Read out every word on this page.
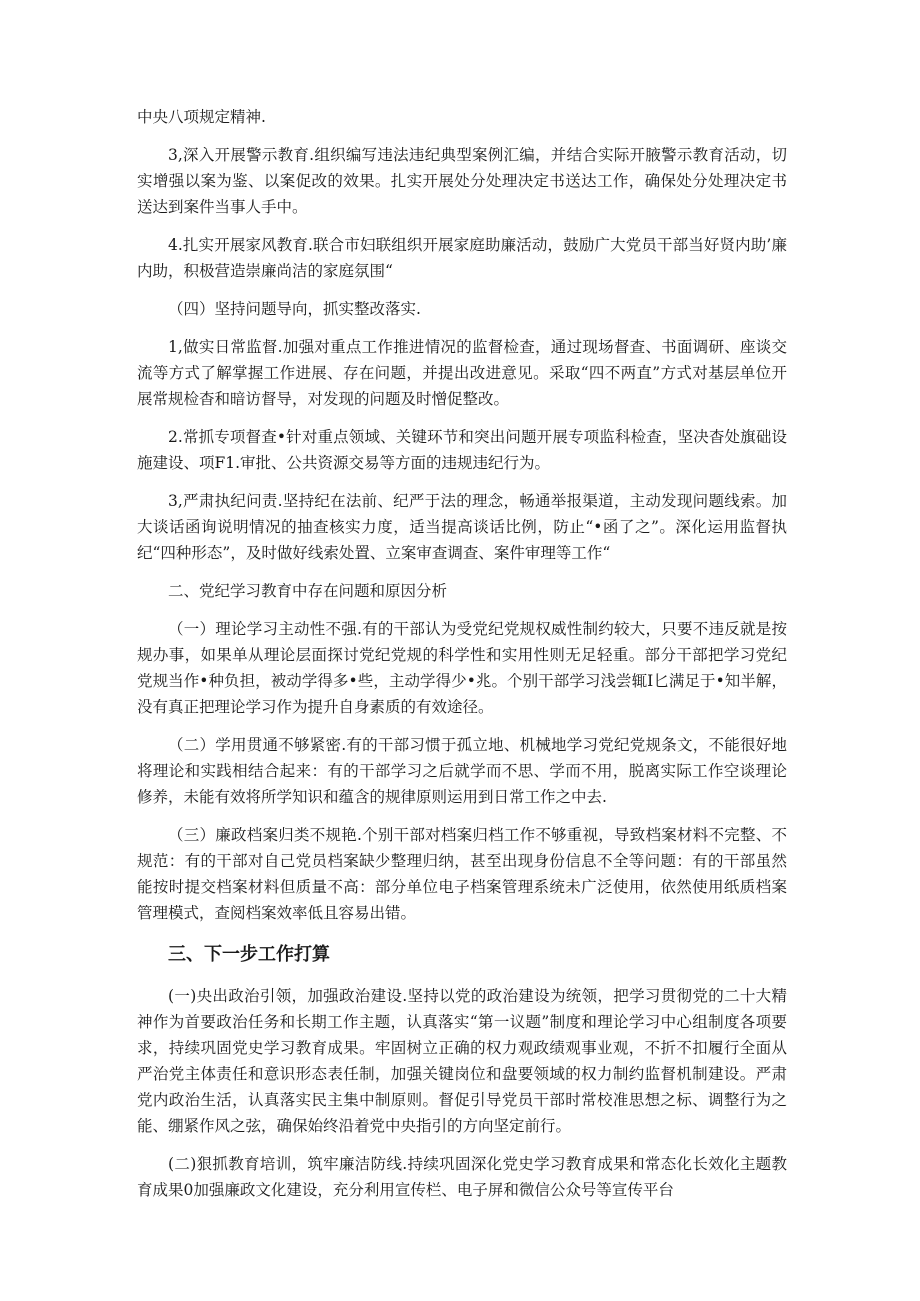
中央八项规定精神.

3,深入开展警示教育.组织编写违法违纪典型案例汇编，并结合实际开腋警示教育活动，切实增强以案为鉴、以案促改的效果。扎实开展处分处理决定书送达工作，确保处分处理决定书送达到案件当事人手中。

4.扎实开展家风教育.联合市妇联组织开展家庭助廉活动，鼓励广大党员干部当好贤内助’廉内助，积极营造崇廉尚洁的家庭氛围“

（四）坚持问题导向，抓实整改落实.

1,做实日常监督.加强对重点工作推进情况的监督检查，通过现场督查、书面调研、座谈交流等方式了解掌握工作进展、存在问题，并提出改进意见。采取“四不两直”方式对基层单位开展常规检杳和暗访督导，对发现的问题及时憎促整改。

2.常抓专项督查•针对重点领域、关键环节和突出问题开展专项监科检查，坚决杳处旗础设施建设、项F1.审批、公共资源交易等方面的违规违纪行为。

3,严肃执纪问责.坚持纪在法前、纪严于法的理念，畅通举报渠道，主动发现问题线索。加大谈话函询说明情况的抽查核实力度，适当提高谈话比例，防止“•函了之”。深化运用监督执纪“四种形态”，及时做好线索处置、立案审查调查、案件审理等工作“

二、党纪学习教育中存在问题和原因分析

（一）理论学习主动性不强.有的干部认为受党纪党规权威性制约较大，只要不违反就是按规办事，如果单从理论层面探讨党纪党规的科学性和实用性则无足轻重。部分干部把学习党纪党规当作•种负担，被动学得多•些，主动学得少•兆。个别干部学习浅尝辄I匕满足于•知半解，没有真正把理论学习作为提升自身素质的有效途径。

（二）学用贯通不够紧密.有的干部习惯于孤立地、机械地学习党纪党规条文，不能很好地将理论和实践相结合起来：有的干部学习之后就学而不思、学而不用，脱离实际工作空谈理论修养，未能有效将所学知识和蕴含的规律原则运用到日常工作之中去.

（三）廉政档案归类不规艳.个别干部对档案归档工作不够重视，导致档案材料不完整、不规范：有的干部对自己党员档案缺少整理归纳，甚至出现身份信息不全等问题：有的干部虽然能按时提交档案材料但质量不高：部分单位电子档案管理系统未广泛使用，依然使用纸质档案管理模式，查阅档案效率低且容易出错。

三、下一步工作打算

(一)央出政治引领，加强政治建设.坚持以党的政治建设为统领，把学习贯彻党的二十大精神作为首要政治任务和长期工作主题，认真落实“第一议题”制度和理论学习中心组制度各项要求，持续巩固党史学习教育成果。牢固树立正确的权力观政绩观事业观，不折不扣履行全面从严治党主体责任和意识形态表任制，加强关键岗位和盘要领域的权力制约监督机制建设。严肃党内政治生活，认真落实民主集中制原则。督促引导党员干部时常校准思想之标、调整行为之能、绷紧作风之弦，确保始终沿着党中央指引的方向坚定前行。

(二)狠抓教育培训，筑牢廉洁防线.持续巩固深化党史学习教育成果和常态化长效化主题教育成果0加强廉政文化建设，充分利用宣传栏、电子屏和微信公众号等宣传平台
